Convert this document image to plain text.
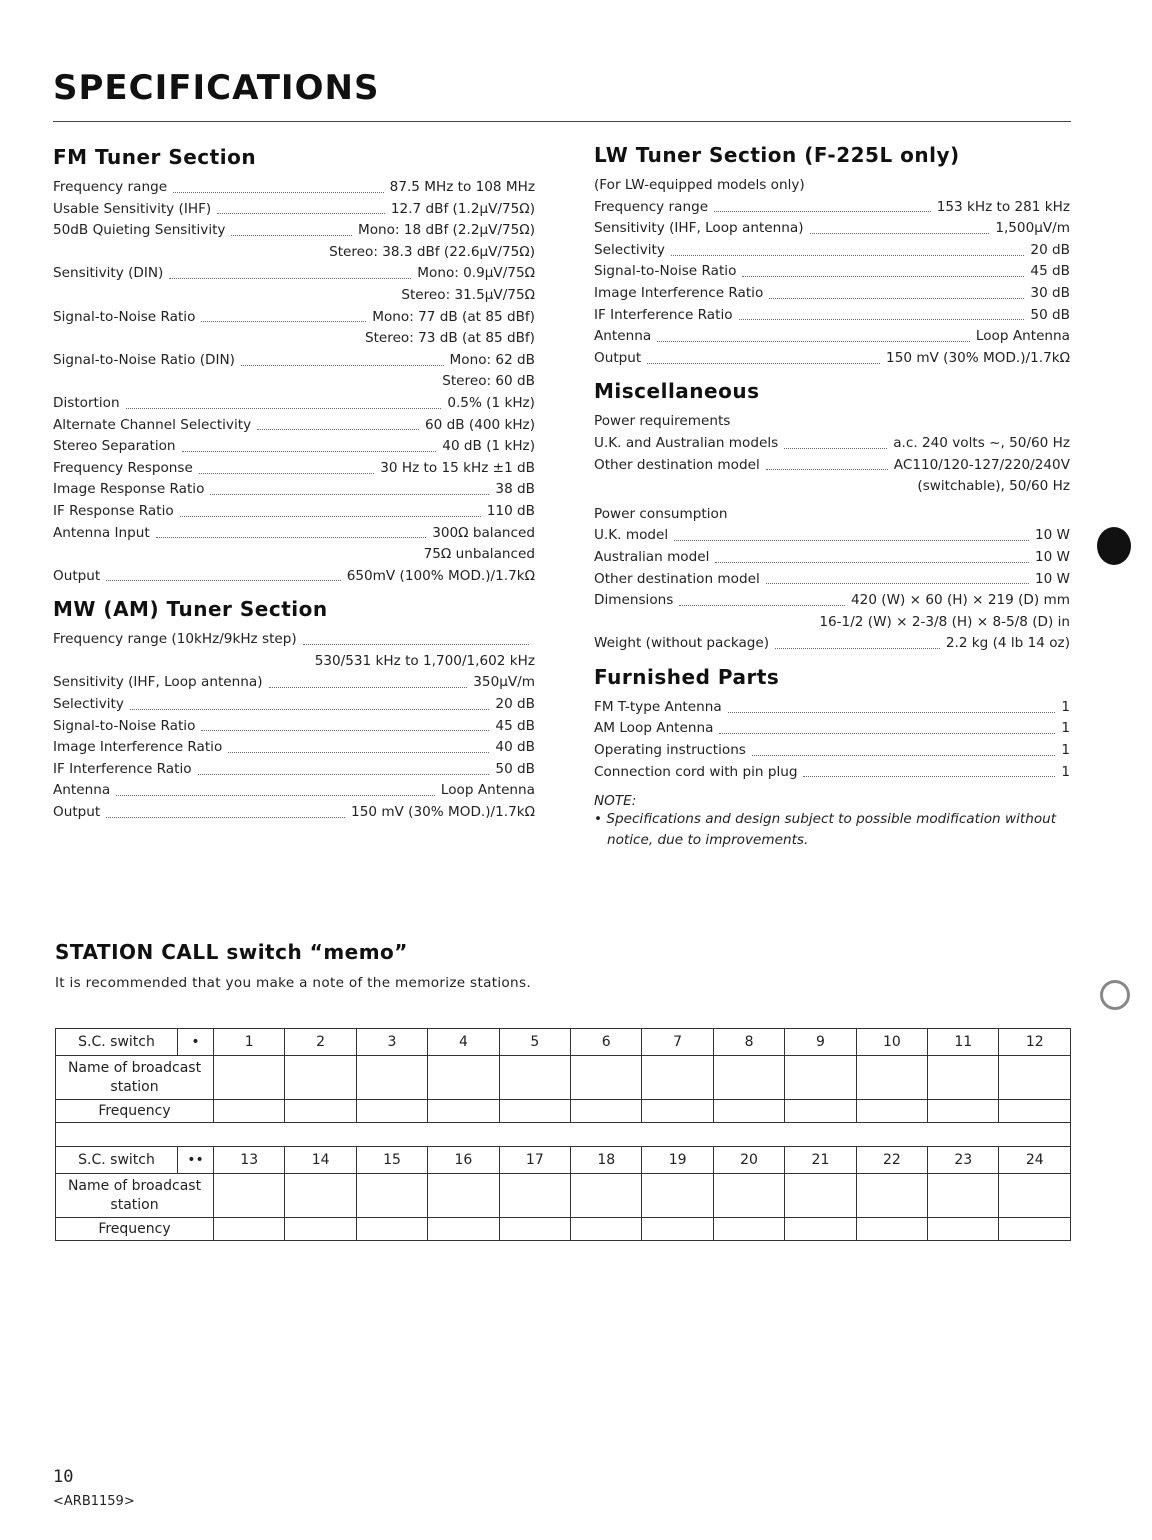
SPECIFICATIONS
FM Tuner Section
Frequency range	87.5 MHz to 108 MHz
Usable Sensitivity (IHF)	12.7 dBf (1.2μV/75Ω)
50dB Quieting Sensitivity	Mono: 18 dBf (2.2μV/75Ω)
Stereo: 38.3 dBf (22.6μV/75Ω)
Sensitivity (DIN)	Mono: 0.9μV/75Ω
Stereo: 31.5μV/75Ω
Signal-to-Noise Ratio	Mono: 77 dB (at 85 dBf)
Stereo: 73 dB (at 85 dBf)
Signal-to-Noise Ratio (DIN)	Mono: 62 dB
Stereo: 60 dB
Distortion	0.5% (1 kHz)
Alternate Channel Selectivity	60 dB (400 kHz)
Stereo Separation	40 dB (1 kHz)
Frequency Response	30 Hz to 15 kHz ±1 dB
Image Response Ratio	38 dB
IF Response Ratio	110 dB
Antenna Input	300Ω balanced
75Ω unbalanced
Output	650mV (100% MOD.)/1.7kΩ
MW (AM) Tuner Section
Frequency range (10kHz/9kHz step)
530/531 kHz to 1,700/1,602 kHz
Sensitivity (IHF, Loop antenna)	350μV/m
Selectivity	20 dB
Signal-to-Noise Ratio	45 dB
Image Interference Ratio	40 dB
IF Interference Ratio	50 dB
Antenna	Loop Antenna
Output	150 mV (30% MOD.)/1.7kΩ
LW Tuner Section (F-225L only)
(For LW-equipped models only)
Frequency range	153 kHz to 281 kHz
Sensitivity (IHF, Loop antenna)	1,500μV/m
Selectivity	20 dB
Signal-to-Noise Ratio	45 dB
Image Interference Ratio	30 dB
IF Interference Ratio	50 dB
Antenna	Loop Antenna
Output	150 mV (30% MOD.)/1.7kΩ
Miscellaneous
Power requirements
U.K. and Australian models	a.c. 240 volts ~, 50/60 Hz
Other destination model	AC110/120-127/220/240V
(switchable), 50/60 Hz
Power consumption
U.K. model	10 W
Australian model	10 W
Other destination model	10 W
Dimensions	420 (W) × 60 (H) × 219 (D) mm
16-1/2 (W) × 2-3/8 (H) × 8-5/8 (D) in
Weight (without package)	2.2 kg (4 lb 14 oz)
Furnished Parts
FM T-type Antenna	1
AM Loop Antenna	1
Operating instructions	1
Connection cord with pin plug	1
NOTE:
• Specifications and design subject to possible modification without notice, due to improvements.
STATION CALL switch “memo”

It is recommended that you make a note of the memorize stations.

S.C. switch	•	1	2	3	4	5	6	7	8	9	10	11	12
Name of broadcast station													
Frequency													

S.C. switch	••	13	14	15	16	17	18	19	20	21	22	23	24
Name of broadcast station													
Frequency													
10
<ARB1159>
